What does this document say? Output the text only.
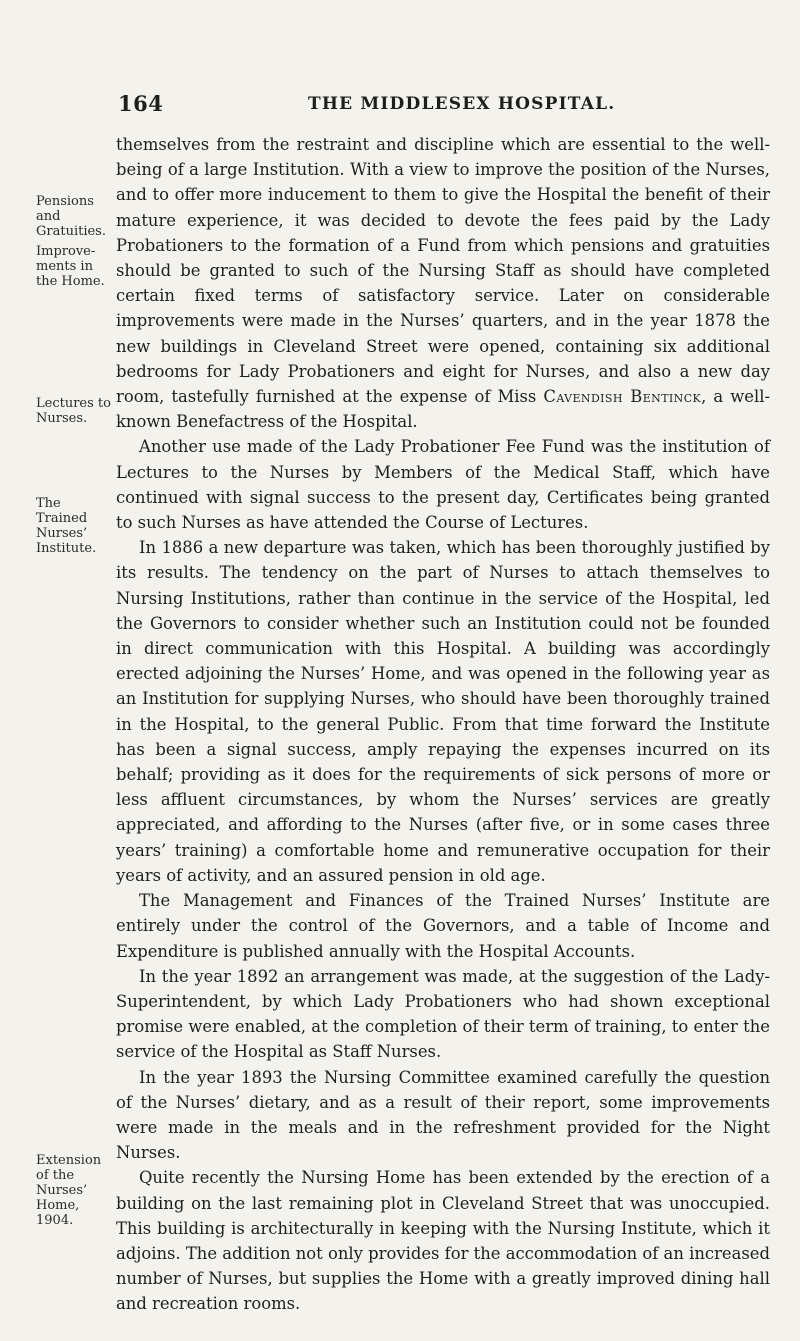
164	THE MIDDLESEX HOSPITAL.
Pensions and Gratuities.
Improve-ments in the Home.
Lectures to Nurses.
The Trained Nurses’ Institute.
Extension of the Nurses’ Home, 1904.

themselves from the restraint and discipline which are essential to the well-being of a large Institution. With a view to improve the position of the Nurses, and to offer more inducement to them to give the Hospital the benefit of their mature experience, it was decided to devote the fees paid by the Lady Probationers to the formation of a Fund from which pensions and gratuities should be granted to such of the Nursing Staff as should have completed certain fixed terms of satisfactory service. Later on considerable improvements were made in the Nurses’ quarters, and in the year 1878 the new buildings in Cleveland Street were opened, containing six additional bedrooms for Lady Probationers and eight for Nurses, and also a new day room, tastefully furnished at the expense of Miss Cavendish Bentinck, a well-known Benefactress of the Hospital.

Another use made of the Lady Probationer Fee Fund was the institution of Lectures to the Nurses by Members of the Medical Staff, which have continued with signal success to the present day, Certificates being granted to such Nurses as have attended the Course of Lectures.

In 1886 a new departure was taken, which has been thoroughly justified by its results. The tendency on the part of Nurses to attach themselves to Nursing Institutions, rather than continue in the service of the Hospital, led the Governors to consider whether such an Institution could not be founded in direct communication with this Hospital. A building was accordingly erected adjoining the Nurses’ Home, and was opened in the following year as an Institution for supplying Nurses, who should have been thoroughly trained in the Hospital, to the general Public. From that time forward the Institute has been a signal success, amply repaying the expenses incurred on its behalf; providing as it does for the requirements of sick persons of more or less affluent circumstances, by whom the Nurses’ services are greatly appreciated, and affording to the Nurses (after five, or in some cases three years’ training) a comfortable home and remunerative occupation for their years of activity, and an assured pension in old age.

The Management and Finances of the Trained Nurses’ Institute are entirely under the control of the Governors, and a table of Income and Expenditure is published annually with the Hospital Accounts.

In the year 1892 an arrangement was made, at the suggestion of the Lady-Superintendent, by which Lady Probationers who had shown exceptional promise were enabled, at the completion of their term of training, to enter the service of the Hospital as Staff Nurses.

In the year 1893 the Nursing Committee examined carefully the question of the Nurses’ dietary, and as a result of their report, some improvements were made in the meals and in the refreshment provided for the Night Nurses.

Quite recently the Nursing Home has been extended by the erection of a building on the last remaining plot in Cleveland Street that was unoccupied. This building is architecturally in keeping with the Nursing Institute, which it adjoins. The addition not only provides for the accommodation of an increased number of Nurses, but supplies the Home with a greatly improved dining hall and recreation rooms.
